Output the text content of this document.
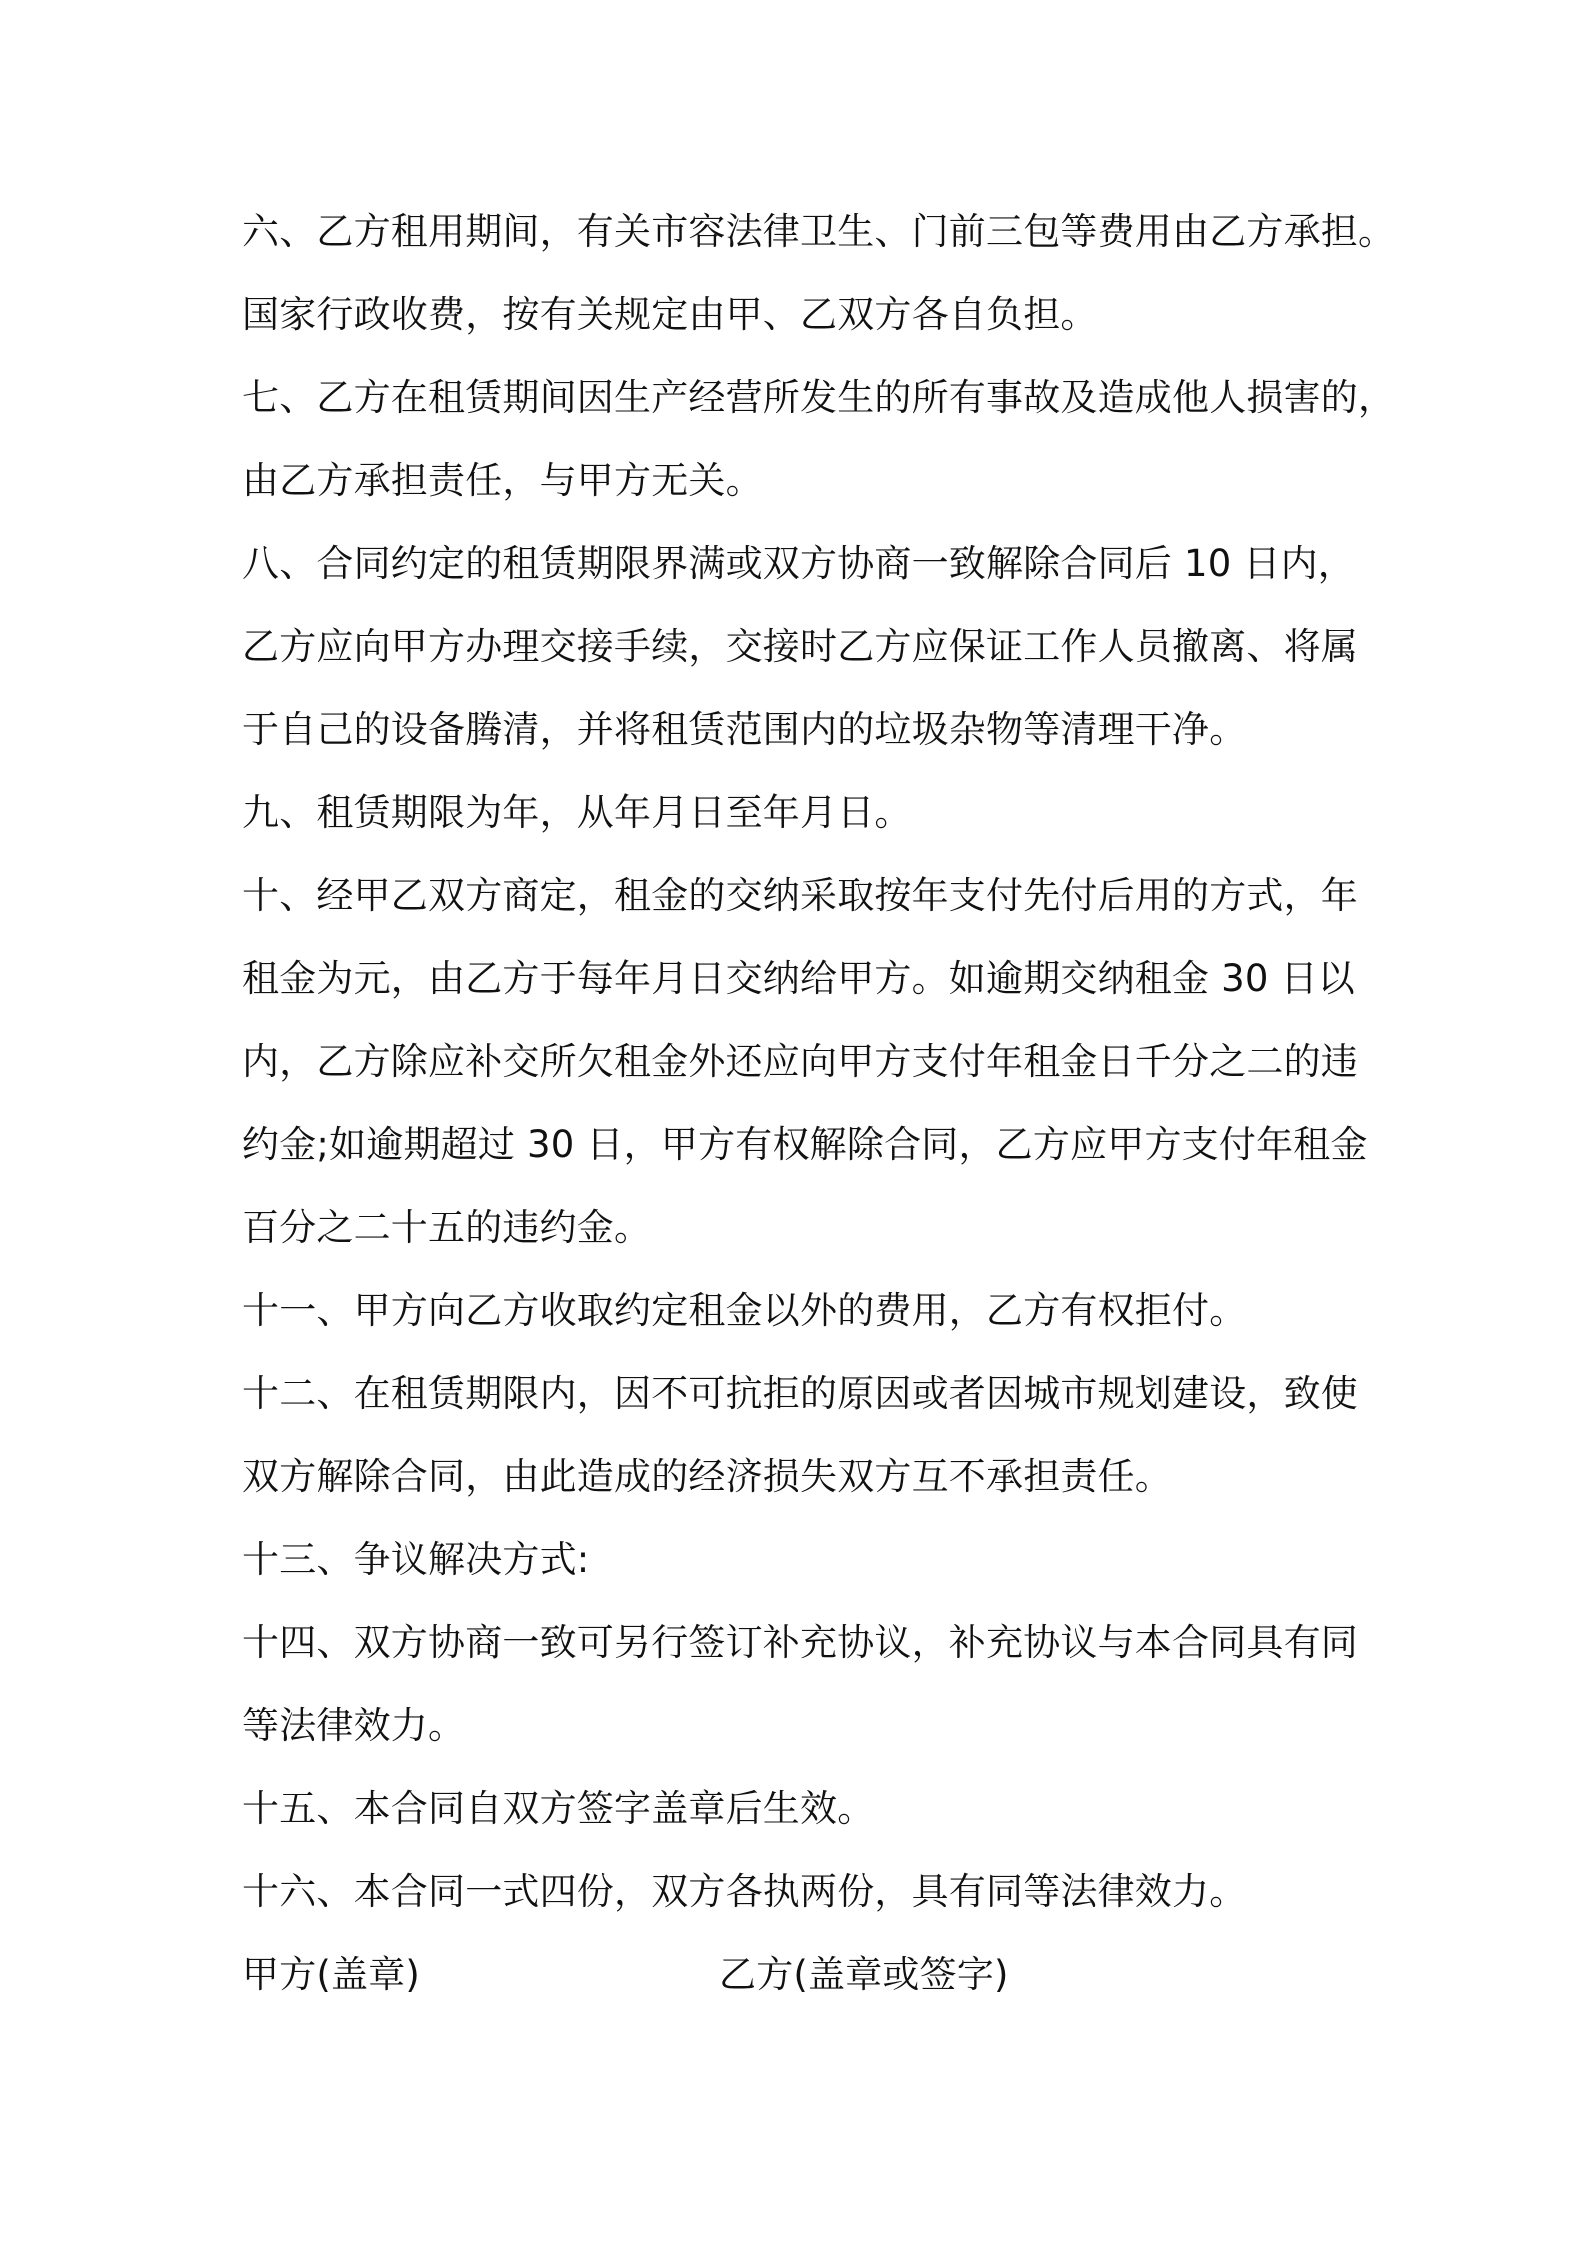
六、乙方租用期间，有关市容法律卫生、门前三包等费用由乙方承担。
国家行政收费，按有关规定由甲、乙双方各自负担。
七、乙方在租赁期间因生产经营所发生的所有事故及造成他人损害的，
由乙方承担责任，与甲方无关。
八、合同约定的租赁期限界满或双方协商一致解除合同后 10 日内，
乙方应向甲方办理交接手续，交接时乙方应保证工作人员撤离、将属
于自己的设备腾清，并将租赁范围内的垃圾杂物等清理干净。
九、租赁期限为年，从年月日至年月日。
十、经甲乙双方商定，租金的交纳采取按年支付先付后用的方式，年
租金为元，由乙方于每年月日交纳给甲方。如逾期交纳租金 30 日以
内，乙方除应补交所欠租金外还应向甲方支付年租金日千分之二的违
约金;如逾期超过 30 日，甲方有权解除合同，乙方应甲方支付年租金
百分之二十五的违约金。
十一、甲方向乙方收取约定租金以外的费用，乙方有权拒付。
十二、在租赁期限内，因不可抗拒的原因或者因城市规划建设，致使
双方解除合同，由此造成的经济损失双方互不承担责任。
十三、争议解决方式:
十四、双方协商一致可另行签订补充协议，补充协议与本合同具有同
等法律效力。
十五、本合同自双方签字盖章后生效。
十六、本合同一式四份，双方各执两份，具有同等法律效力。
甲方(盖章)	乙方(盖章或签字)
